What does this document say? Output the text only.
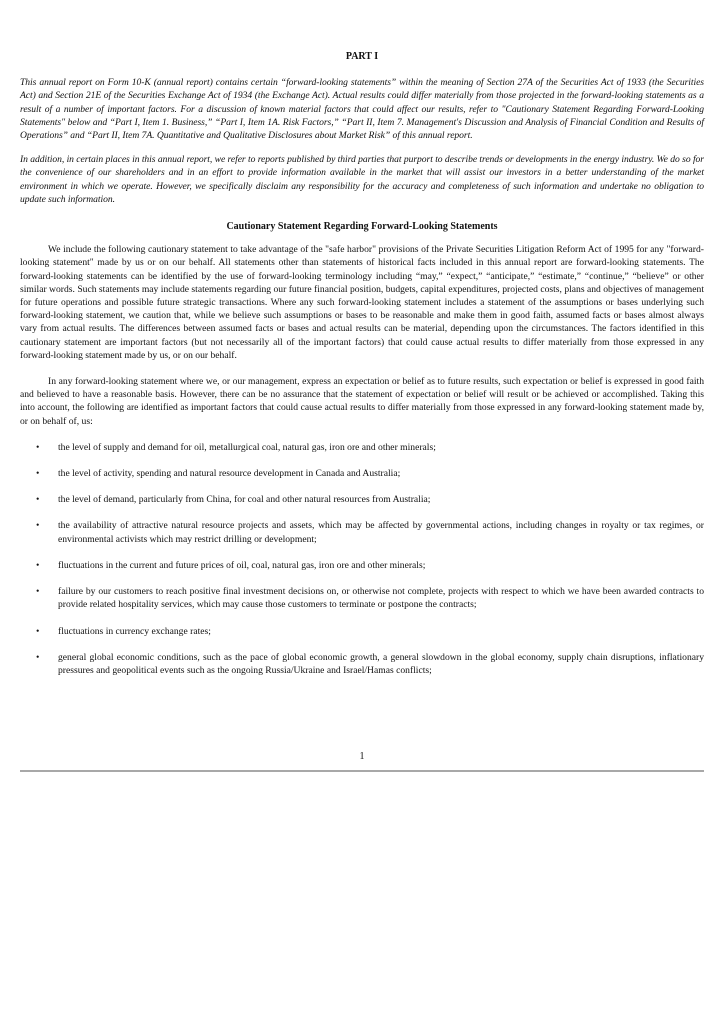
PART I

This annual report on Form 10-K (annual report) contains certain “forward-looking statements” within the meaning of Section 27A of the Securities Act of 1933 (the Securities Act) and Section 21E of the Securities Exchange Act of 1934 (the Exchange Act). Actual results could differ materially from those projected in the forward-looking statements as a result of a number of important factors. For a discussion of known material factors that could affect our results, refer to "Cautionary Statement Regarding Forward-Looking Statements" below and “Part I, Item 1. Business,” “Part I, Item 1A. Risk Factors,” “Part II, Item 7. Management's Discussion and Analysis of Financial Condition and Results of Operations” and “Part II, Item 7A. Quantitative and Qualitative Disclosures about Market Risk” of this annual report.

In addition, in certain places in this annual report, we refer to reports published by third parties that purport to describe trends or developments in the energy industry. We do so for the convenience of our shareholders and in an effort to provide information available in the market that will assist our investors in a better understanding of the market environment in which we operate. However, we specifically disclaim any responsibility for the accuracy and completeness of such information and undertake no obligation to update such information.

Cautionary Statement Regarding Forward-Looking Statements

We include the following cautionary statement to take advantage of the "safe harbor" provisions of the Private Securities Litigation Reform Act of 1995 for any "forward-looking statement" made by us or on our behalf. All statements other than statements of historical facts included in this annual report are forward-looking statements. The forward-looking statements can be identified by the use of forward-looking terminology including “may,” “expect,” “anticipate,” “estimate,” “continue,” “believe” or other similar words. Such statements may include statements regarding our future financial position, budgets, capital expenditures, projected costs, plans and objectives of management for future operations and possible future strategic transactions. Where any such forward-looking statement includes a statement of the assumptions or bases underlying such forward-looking statement, we caution that, while we believe such assumptions or bases to be reasonable and make them in good faith, assumed facts or bases almost always vary from actual results. The differences between assumed facts or bases and actual results can be material, depending upon the circumstances. The factors identified in this cautionary statement are important factors (but not necessarily all of the important factors) that could cause actual results to differ materially from those expressed in any forward-looking statement made by us, or on our behalf.

In any forward-looking statement where we, or our management, express an expectation or belief as to future results, such expectation or belief is expressed in good faith and believed to have a reasonable basis. However, there can be no assurance that the statement of expectation or belief will result or be achieved or accomplished. Taking this into account, the following are identified as important factors that could cause actual results to differ materially from those expressed in any forward-looking statement made by, or on behalf of, us:

•	the level of supply and demand for oil, metallurgical coal, natural gas, iron ore and other minerals;
•	the level of activity, spending and natural resource development in Canada and Australia;
•	the level of demand, particularly from China, for coal and other natural resources from Australia;
•	the availability of attractive natural resource projects and assets, which may be affected by governmental actions, including changes in royalty or tax regimes, or environmental activists which may restrict drilling or development;
•	fluctuations in the current and future prices of oil, coal, natural gas, iron ore and other minerals;
•	failure by our customers to reach positive final investment decisions on, or otherwise not complete, projects with respect to which we have been awarded contracts to provide related hospitality services, which may cause those customers to terminate or postpone the contracts;
•	fluctuations in currency exchange rates;
•	general global economic conditions, such as the pace of global economic growth, a general slowdown in the global economy, supply chain disruptions, inflationary pressures and geopolitical events such as the ongoing Russia/Ukraine and Israel/Hamas conflicts;
1
